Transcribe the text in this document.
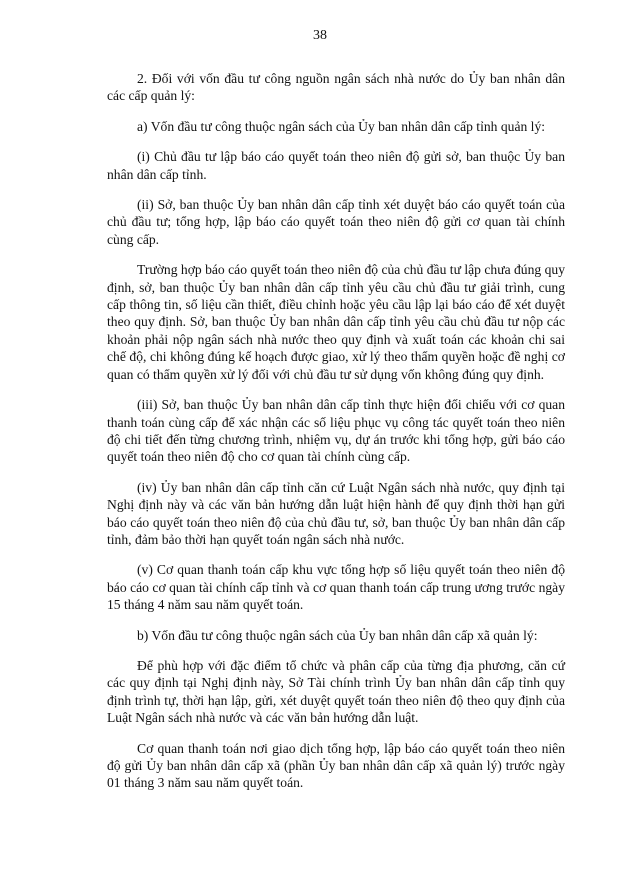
38

2. Đối với vốn đầu tư công nguồn ngân sách nhà nước do Ủy ban nhân dân các cấp quản lý:

a) Vốn đầu tư công thuộc ngân sách của Ủy ban nhân dân cấp tỉnh quản lý:

(i) Chủ đầu tư lập báo cáo quyết toán theo niên độ gửi sở, ban thuộc Ủy ban nhân dân cấp tỉnh.

(ii) Sở, ban thuộc Ủy ban nhân dân cấp tỉnh xét duyệt báo cáo quyết toán của chủ đầu tư; tổng hợp, lập báo cáo quyết toán theo niên độ gửi cơ quan tài chính cùng cấp.

Trường hợp báo cáo quyết toán theo niên độ của chủ đầu tư lập chưa đúng quy định, sở, ban thuộc Ủy ban nhân dân cấp tỉnh yêu cầu chủ đầu tư giải trình, cung cấp thông tin, số liệu cần thiết, điều chỉnh hoặc yêu cầu lập lại báo cáo để xét duyệt theo quy định. Sở, ban thuộc Ủy ban nhân dân cấp tỉnh yêu cầu chủ đầu tư nộp các khoản phải nộp ngân sách nhà nước theo quy định và xuất toán các khoản chi sai chế độ, chi không đúng kế hoạch được giao, xử lý theo thẩm quyền hoặc đề nghị cơ quan có thẩm quyền xử lý đối với chủ đầu tư sử dụng vốn không đúng quy định.

(iii) Sở, ban thuộc Ủy ban nhân dân cấp tỉnh thực hiện đối chiếu với cơ quan thanh toán cùng cấp để xác nhận các số liệu phục vụ công tác quyết toán theo niên độ chi tiết đến từng chương trình, nhiệm vụ, dự án trước khi tổng hợp, gửi báo cáo quyết toán theo niên độ cho cơ quan tài chính cùng cấp.

(iv) Ủy ban nhân dân cấp tỉnh căn cứ Luật Ngân sách nhà nước, quy định tại Nghị định này và các văn bản hướng dẫn luật hiện hành để quy định thời hạn gửi báo cáo quyết toán theo niên độ của chủ đầu tư, sở, ban thuộc Ủy ban nhân dân cấp tỉnh, đảm bảo thời hạn quyết toán ngân sách nhà nước.

(v) Cơ quan thanh toán cấp khu vực tổng hợp số liệu quyết toán theo niên độ báo cáo cơ quan tài chính cấp tỉnh và cơ quan thanh toán cấp trung ương trước ngày 15 tháng 4 năm sau năm quyết toán.

b) Vốn đầu tư công thuộc ngân sách của Ủy ban nhân dân cấp xã quản lý:

Để phù hợp với đặc điểm tổ chức và phân cấp của từng địa phương, căn cứ các quy định tại Nghị định này, Sở Tài chính trình Ủy ban nhân dân cấp tỉnh quy định trình tự, thời hạn lập, gửi, xét duyệt quyết toán theo niên độ theo quy định của Luật Ngân sách nhà nước và các văn bản hướng dẫn luật.

Cơ quan thanh toán nơi giao dịch tổng hợp, lập báo cáo quyết toán theo niên độ gửi Ủy ban nhân dân cấp xã (phần Ủy ban nhân dân cấp xã quản lý) trước ngày 01 tháng 3 năm sau năm quyết toán.
